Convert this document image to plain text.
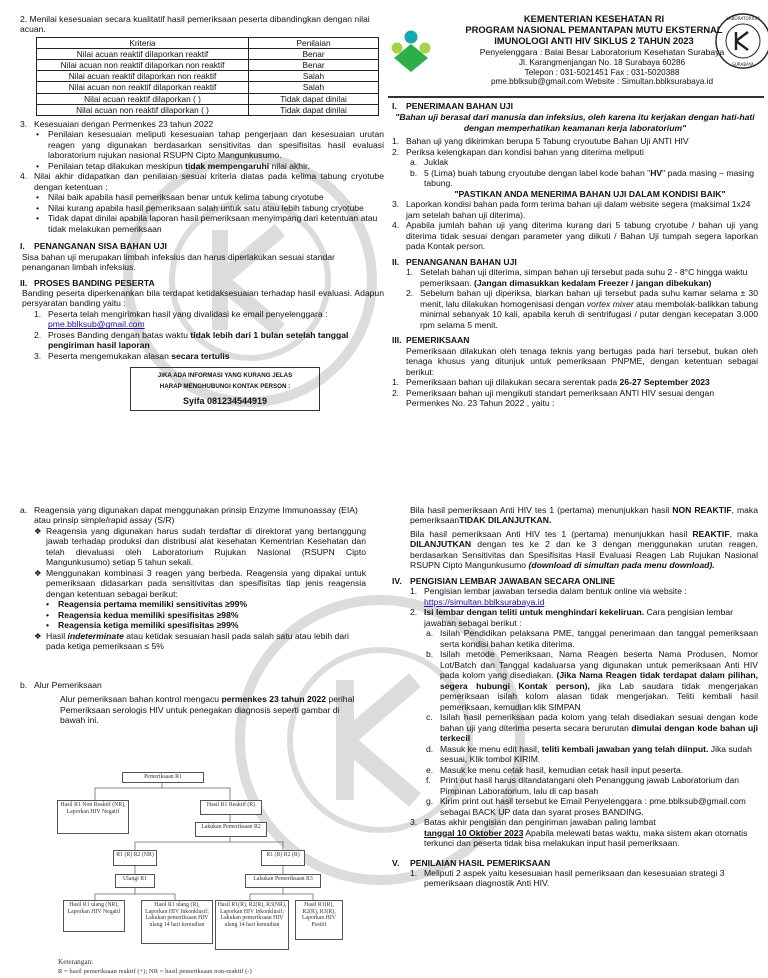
LABORATORIUM
SURABAYA

KEMENTERIAN KESEHATAN RI

PROGRAM NASIONAL PEMANTAPAN MUTU EKSTERNAL

IMUNOLOGI ANTI HIV SIKLUS 2 TAHUN 2023

Penyelenggara : Balai Besar Laboratorium Kesehatan Surabaya

Jl. Karangmenjangan No. 18 Surabaya 60286

Telepon : 031-5021451 Fax : 031-5020388

pme.bblksub@gmail.com Website : Simultan.bblksurabaya.id

2. Menilai kesesuaian secara kualitatif hasil pemeriksaan peserta dibandingkan dengan nilai acuan.

Kriteria	Penilaian
Nilai acuan reaktif dilaporkan reaktif	Benar
Nilai acuan non reaktif dilaporkan non reaktif	Benar
Nilai acuan reaktif dilaporkan non reaktif	Salah
Nilai acuan non reaktif dilaporkan reaktif	Salah
Nilai acuan reaktif dilaporkan ( )	Tidak dapat dinilai
Nilai acuan non reaktif dilaporkan ( )	Tidak dapat dinilai
3. Kesesuaian dengan Permenkes 23 tahun 2022
•	Penilaian kesesuaian meliputi kesesuaian tahap pengerjaan dan kesesuaian urutan reagen yang digunakan berdasarkan sensitivitas dan spesifisitas hasil evaluasi laboratorium rujukan nasional RSUPN Cipto Mangunkusumo.
•	Penilaian tetap dilakukan meskipun tidak mempengaruhi nilai akhir.
4. Nilai akhir didapatkan dan penilaian sesuai kriteria diatas pada kelima tabung cryotube dengan ketentuan :
•	Nilai baik apabila hasil pemeriksaan benar untuk kelima tabung cryotube
•	Nilai kurang apabila hasil pemeriksaan salah untuk satu atau lebih tabung cryotube
•	Tidak dapat dinilai apabila laporan hasil pemeriksaan menyimpang dari ketentuan atau tidak melakukan pemeriksaan
I.	PENANGANAN SISA BAHAN UJI

Sisa bahan uji merupakan limbah infeksius dan harus diperlakukan sesuai standar penanganan limbah infeksius.

II. PROSES BANDING PESERTA

Banding peserta diperkenankan bila terdapat ketidaksesuaian terhadap hasil evaluasi. Adapun persyaratan banding yaitu :

1. Peserta telah mengirimkan hasil yang divalidasi ke email penyelenggara :
pme.bblksub@gmail.com
2. Proses Banding dengan batas waktu tidak lebih dari 1 bulan setelah tanggal pengiriman hasil laporan
3. Peserta mengemukakan alasan secara tertulis

JIKA ADA INFORMASI YANG KURANG JELAS

HARAP MENGHUBUNGI KONTAK PERSON :

Syifa 081234544919

I.	PENERIMAAN BAHAN UJI

"Bahan uji berasal dari manusia dan infeksius, oleh karena itu kerjakan dengan hati-hati dengan memperhatikan keamanan kerja laboratorium"

1. Bahan uji yang dikirimkan berupa 5 Tabung cryoutube Bahan Uji ANTI HIV
2. Periksa kelengkapan dan kondisi bahan yang diterima meliputi
a. Juklak
b. 5 (Lima) buah tabung cryoutube dengan label kode bahan "HV" pada masing – masing tabung.

"PASTIKAN ANDA MENERIMA BAHAN UJI DALAM KONDISI BAIK"

3. Laporkan kondisi bahan pada form terima bahan uji dalam website segera (maksimal 1x24 jam setelah bahan uji diterima).
4. Apabila jumlah bahan uji yang diterima kurang dari 5 tabung cryotube / bahan uji yang diterima tidak sesuai dengan parameter yang diikuti / Bahan Uji tumpah segera laporkan pada Kontak person.
II. PENANGANAN BAHAN UJI
1. Setelah bahan uji diterima, simpan bahan uji tersebut pada suhu 2 - 8°C hingga waktu pemeriksaan. (Jangan dimasukkan kedalam Freezer / jangan dibekukan)
2. Sebelum bahan uji diperiksa, biarkan bahan uji tersebut pada suhu kamar selama ± 30 menit, lalu dilakukan homogenisasi dengan vortex mixer atau membolak-balikkan tabung minimal sebanyak 10 kali, apabila keruh di sentrifugasi / putar dengan kecepatan 3.000 rpm selama 5 menit.
III. PEMERIKSAAN

Pemeriksaan dilakukan oleh tenaga teknis yang bertugas pada hari tersebut, bukan oleh tenaga khusus yang ditunjuk untuk pemeriksaan PNPME, dengan ketentuan sebagai berikut:

1. Pemeriksaan bahan uji dilakukan secara serentak pada 26-27 September 2023
2. Pemeriksaan bahan uji mengikuti standart pemeriksaan ANTI HIV sesuai dengan Permenkes No. 23 Tahun 2022 , yaitu :
a. Reagensia yang digunakan dapat menggunakan prinsip Enzyme Immunoassay (EIA) atau prinsip simple/rapid assay (S/R)
❖ Reagensia yang digunakan harus sudah terdaftar di direktorat yang bertanggung jawab terhadap produksi dan distribusi alat kesehatan Kementrian Kesehatan dan telah dievaluasi oleh Laboratorium Rujukan Nasional (RSUPN Cipto Mangunkusumo) setiap 5 tahun sekali.
❖ Menggunakan kombinasi 3 reagen yang berbeda. Reagensia yang dipakai untuk pemeriksaan didasarkan pada sensitivitas dan spesifisitas tiap jenis reagensia dengan ketentuan sebagai berikut:
•	Reagensia pertama memiliki sensitivitas ≥99%
•	Reagensia kedua memiliki spesifisitas ≥98%
•	Reagensia ketiga memiliki spesifisitas ≥99%
❖ Hasil indeterminate atau ketidak sesuaian hasil pada salah satu atau lebih dari pada ketiga pemeriksaan ≤ 5%
b. Alur Pemeriksaan

Alur pemeriksaan bahan kontrol mengacu permenkes 23 tahun 2022 perihal Pemeriksaan serologis HIV untuk penegakan diagnosis seperti gambar di bawah ini.

Pemeriksaan R1
Hasil R1 Non Reaktif (NR), Laporkan HIV Negatif
Hasil R1 Reaktif (R)
Lakukan Pemeriksaan R2
R1 (R) R2 (NR)	R1 (R) R2 (R)
Ulangi R1	Lakukan Pemeriksaan R3
Hasil R1 ulang (NR), Laporkan HIV Negatif
Hasil R1 ulang (R), Laporkan HIV Inkonklusif; Lakukan pemeriksaan HIV ulang 14 hari kemudian
Hasil R1(R), R2(R), R3(NR), Laporkan HIV Inkonklusif; Lakukan pemeriksaan HIV ulang 14 hari kemudian
Hasil R1(R), R2(R), R3(R), Laporkan HIV Positif

Keterangan:

R = hasil pemeriksaan reaktif (+); NR = hasil pemeriksaan non-reaktif (-)

Bila hasil pemeriksaan Anti HIV tes 1 (pertama) menunjukkan hasil NON REAKTIF, maka pemeriksaanTIDAK DILANJUTKAN.

Bila hasil pemeriksaan Anti HIV tes 1 (pertama) menunjukkan hasil REAKTIF, maka DILANJUTKAN dengan tes ke 2 dan ke 3 dengan menggunakan urutan reagen, berdasarkan Sensitivitas dan Spesifisitas Hasil Evaluasi Reagen Lab Rujukan Nasional RSUPN Cipto Mangunkusumo (download di simultan pada menu download).

IV. PENGISIAN LEMBAR JAWABAN SECARA ONLINE
1. Pengisian lembar jawaban tersedia dalam bentuk online via website :
https://simultan.bblksurabaya.id
2. Isi lembar dengan teliti untuk menghindari kekeliruan. Cara pengisian lembar jawaban sebagai berikut :
a. Isilah Pendidikan pelaksana PME, tanggal penerimaan dan tanggal pemeriksaan serta kondisi bahan ketika diterima.
b. Isilah metode Pemeriksaan, Nama Reagen beserta Nama Produsen, Nomor Lot/Batch dan Tanggal kadaluarsa yang digunakan untuk pemeriksaan Anti HIV pada kolom yang disediakan. (Jika Nama Reagen tidak terdapat dalam pilihan, segera hubungi Kontak person), jika Lab saudara tidak mengerjakan pemeriksaan isilah kolom alasan tidak mengerjakan. Teliti kembali hasil pemeriksaan, kemudian klik SIMPAN
c. Isilah hasil pemeriksaan pada kolom yang telah disediakan sesuai dengan kode bahan uji yang diterima peserta secara berurutan dimulai dengan kode bahan uji terkecil
d. Masuk ke menu edit hasil, teliti kembali jawaban yang telah diinput. Jika sudah sesuai, Klik tombol KIRIM.
e. Masuk ke menu cetak hasil, kemudian cetak hasil input peserta.
f.	Print out hasil harus ditandatangani oleh Penanggung jawab Laboratorium dan Pimpinan Laboratorium, lalu di cap basah
g. Kirim print out hasil tersebut ke Email Penyelenggara : pme.bblksub@gmail.com sebagai BACK UP data dan syarat proses BANDING.
3. Batas akhir pengisian dan pengiriman jawaban paling lambat
tanggal 10 Oktober 2023 Apabila melewati batas waktu, maka sistem akan otomatis terkunci dan peserta tidak bisa melakukan input hasil pemeriksaan.
V.	PENILAIAN HASIL PEMERIKSAAN
1. Meliputi 2 aspek yaitu kesesuaian hasil pemeriksaan dan kesesuaian strategi 3 pemeriksaan diagnostik Anti HIV.
